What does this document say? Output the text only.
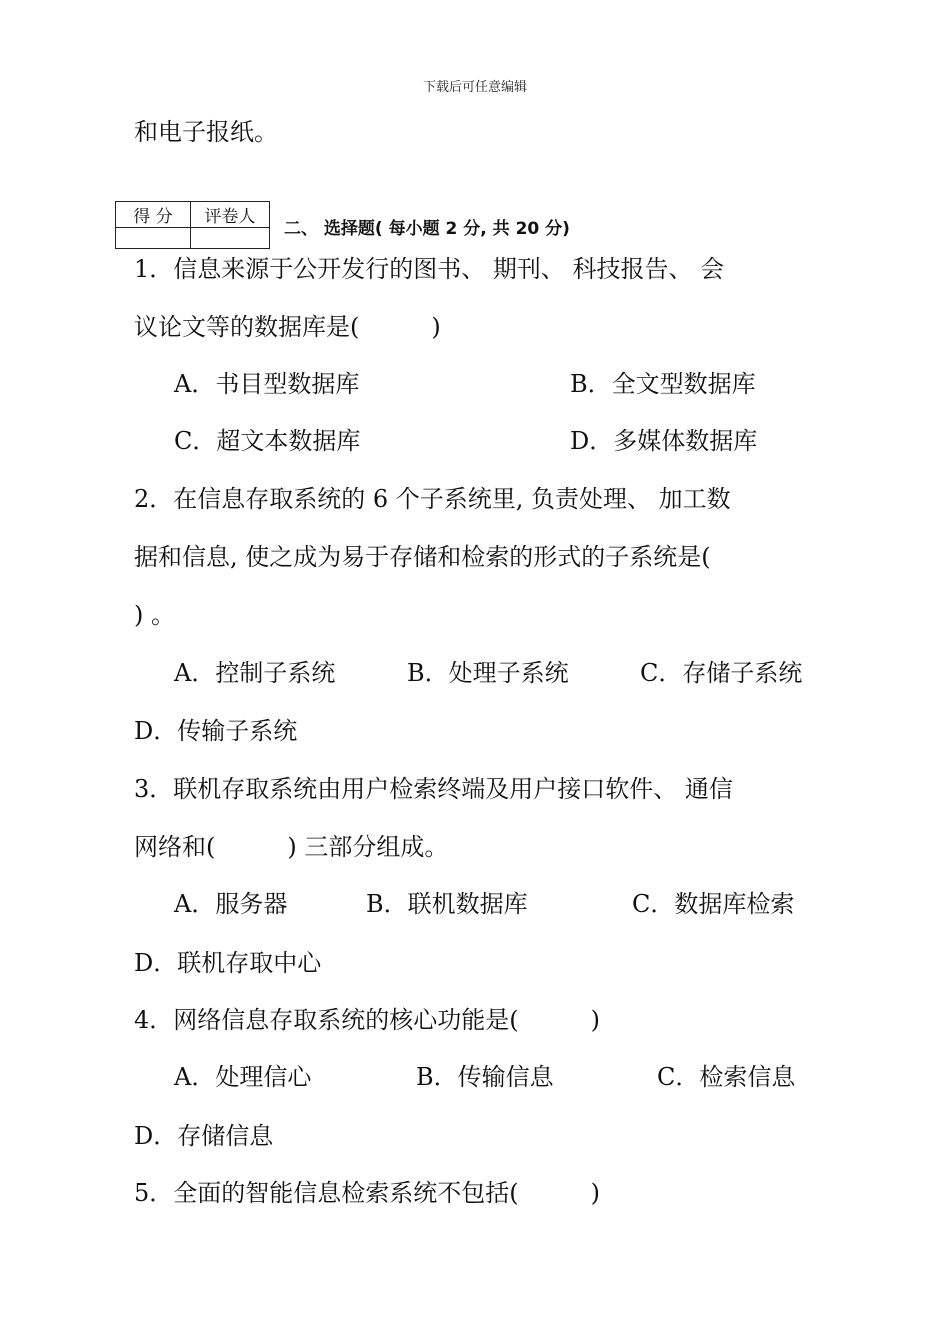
下载后可任意编辑
和电子报纸。
得 分	评卷人

二、 选择题( 每小题 2 分, 共 20 分)
1．信息来源于公开发行的图书、 期刊、 科技报告、 会
议论文等的数据库是(　　　)
A．书目型数据库	B．全文型数据库
C．超文本数据库	D．多媒体数据库
2．在信息存取系统的 6 个子系统里, 负责处理、 加工数
据和信息, 使之成为易于存储和检索的形式的子系统是(
) 。
A．控制子系统	B．处理子系统	C．存储子系统
D．传输子系统
3．联机存取系统由用户检索终端及用户接口软件、 通信
网络和(　　　) 三部分组成。
A．服务器	B．联机数据库	C．数据库检索
D．联机存取中心
4．网络信息存取系统的核心功能是(　　　)
A．处理信心	B．传输信息	C．检索信息
D．存储信息
5．全面的智能信息检索系统不包括(　　　)
